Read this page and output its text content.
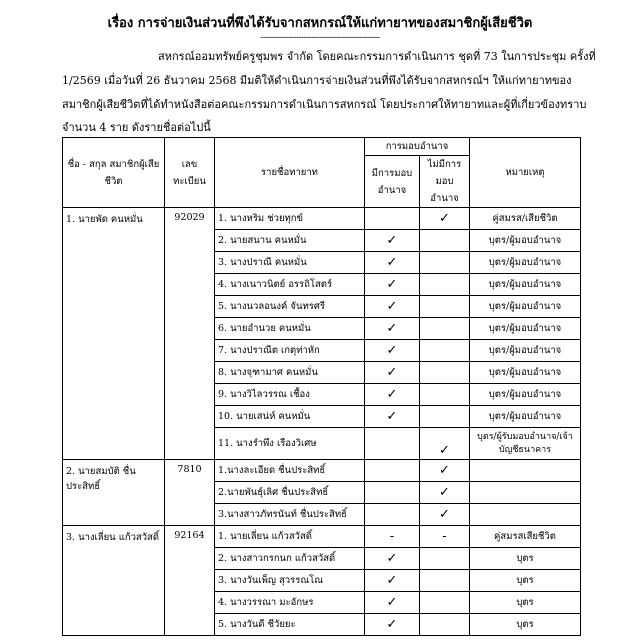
เรื่อง การจ่ายเงินส่วนที่พึงได้รับจากสหกรณ์ให้แก่ทายาทของสมาชิกผู้เสียชีวิต
-----------------------------------------------
สหกรณ์ออมทรัพย์ครูชุมพร จำกัด โดยคณะกรรมการดำเนินการ ชุดที่ 73 ในการประชุม ครั้งที่
1/2569 เมื่อวันที่ 26 ธันวาคม 2568 มีมติให้ดำเนินการจ่ายเงินส่วนที่พึงได้รับจากสหกรณ์ฯ ให้แก่ทายาทของ
สมาชิกผู้เสียชีวิตที่ได้ทำหนังสือต่อคณะกรรมการดำเนินการสหกรณ์ โดยประกาศให้ทายาทและผู้ที่เกี่ยวข้องทราบ
จำนวน 4 ราย ดังรายชื่อต่อไปนี้
ชื่อ - สกุล สมาชิกผู้เสียชีวิต	เลข ทะเบียน	รายชื่อทายาท	การมอบอำนาจ		หมายเหตุ
			มีการมอบ อำนาจ	ไม่มีการ มอบ อำนาจ	
1. นายพัด คนหมั่น	92029	1. นางหริม ช่วยทุกข์		✓	คู่สมรส/เสียชีวิต
		2. นายสนาน คนหมั่น	✓		บุตร/ผู้มอบอำนาจ
		3. นางปราณี คนหมั่น	✓		บุตร/ผู้มอบอำนาจ
		4. นางเนาวนิตย์ อรรถิโสตร์	✓		บุตร/ผู้มอบอำนาจ
		5. นางนวลอนงค์ จันทรศรี	✓		บุตร/ผู้มอบอำนาจ
		6. นายอำนวย คนหมั่น	✓		บุตร/ผู้มอบอำนาจ
		7. นางปราณีต เกตุท่าหัก	✓		บุตร/ผู้มอบอำนาจ
		8. นางจุฑามาศ คนหมั่น	✓		บุตร/ผู้มอบอำนาจ
		9. นางวิไลวรรณ เชื้อง	✓		บุตร/ผู้มอบอำนาจ
		10. นายเสน่ห์ คนหมั่น	✓		บุตร/ผู้มอบอำนาจ
		11. นางรำพึง เรืองวิเศษ		✓	บุตร/ผู้รับมอบอำนาจ/เจ้าบัญชีธนาคาร
2. นายสมบัติ ชื่นประสิทธิ์	7810	1.นางละเอียด ชื่นประสิทธิ์		✓	
		2.นายพันธุ์เลิศ ชื่นประสิทธิ์		✓	
		3.นางสาวภัทรนันท์ ชื่นประสิทธิ์		✓	
3. นางเลี่ยน แก้วสวัสดิ์	92164	1. นายเลี่ยน แก้วสวัสดิ์	-	-	คู่สมรสเสียชีวิต
		2. นางสาวกรกนก แก้วสวัสดิ์	✓		บุตร
		3. นางวันเพ็ญ สุวรรณโณ	✓		บุตร
		4. นางวรรณา มะอักษร	✓		บุตร
		5. นางวันดี ชีวัยยะ	✓		บุตร
